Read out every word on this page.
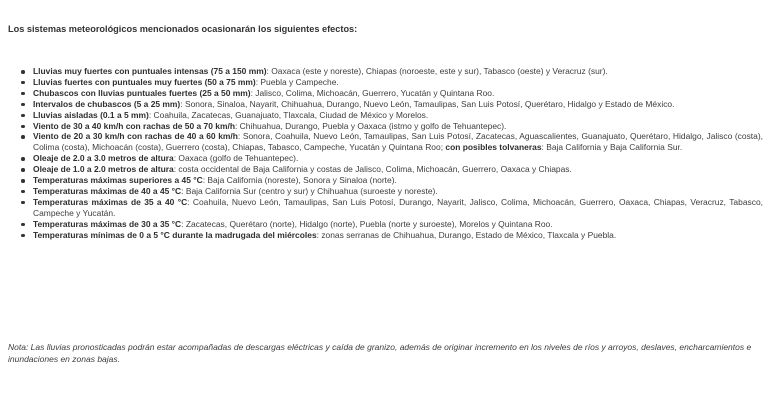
Los sistemas meteorológicos mencionados ocasionarán los siguientes efectos:
Lluvias muy fuertes con puntuales intensas (75 a 150 mm): Oaxaca (este y noreste), Chiapas (noroeste, este y sur), Tabasco (oeste) y Veracruz (sur).
Lluvias fuertes con puntuales muy fuertes (50 a 75 mm): Puebla y Campeche.
Chubascos con lluvias puntuales fuertes (25 a 50 mm): Jalisco, Colima, Michoacán, Guerrero, Yucatán y Quintana Roo.
Intervalos de chubascos (5 a 25 mm): Sonora, Sinaloa, Nayarit, Chihuahua, Durango, Nuevo León, Tamaulipas, San Luis Potosí, Querétaro, Hidalgo y Estado de México.
Lluvias aisladas (0.1 a 5 mm): Coahuila, Zacatecas, Guanajuato, Tlaxcala, Ciudad de México y Morelos.
Viento de 30 a 40 km/h con rachas de 50 a 70 km/h: Chihuahua, Durango, Puebla y Oaxaca (istmo y golfo de Tehuantepec).
Viento de 20 a 30 km/h con rachas de 40 a 60 km/h: Sonora, Coahuila, Nuevo León, Tamaulipas, San Luis Potosí, Zacatecas, Aguascalientes, Guanajuato, Querétaro, Hidalgo, Jalisco (costa), Colima (costa), Michoacán (costa), Guerrero (costa), Chiapas, Tabasco, Campeche, Yucatán y Quintana Roo; con posibles tolvaneras: Baja California y Baja California Sur.
Oleaje de 2.0 a 3.0 metros de altura: Oaxaca (golfo de Tehuantepec).
Oleaje de 1.0 a 2.0 metros de altura: costa occidental de Baja California y costas de Jalisco, Colima, Michoacán, Guerrero, Oaxaca y Chiapas.
Temperaturas máximas superiores a 45 °C: Baja California (noreste), Sonora y Sinaloa (norte).
Temperaturas máximas de 40 a 45 °C: Baja California Sur (centro y sur) y Chihuahua (suroeste y noreste).
Temperaturas máximas de 35 a 40 °C: Coahuila, Nuevo León, Tamaulipas, San Luis Potosí, Durango, Nayarit, Jalisco, Colima, Michoacán, Guerrero, Oaxaca, Chiapas, Veracruz, Tabasco, Campeche y Yucatán.
Temperaturas máximas de 30 a 35 °C: Zacatecas, Querétaro (norte), Hidalgo (norte), Puebla (norte y suroeste), Morelos y Quintana Roo.
Temperaturas mínimas de 0 a 5 °C durante la madrugada del miércoles: zonas serranas de Chihuahua, Durango, Estado de México, Tlaxcala y Puebla.
Nota: Las lluvias pronosticadas podrán estar acompañadas de descargas eléctricas y caída de granizo, además de originar incremento en los niveles de ríos y arroyos, deslaves, encharcamientos e inundaciones en zonas bajas.
